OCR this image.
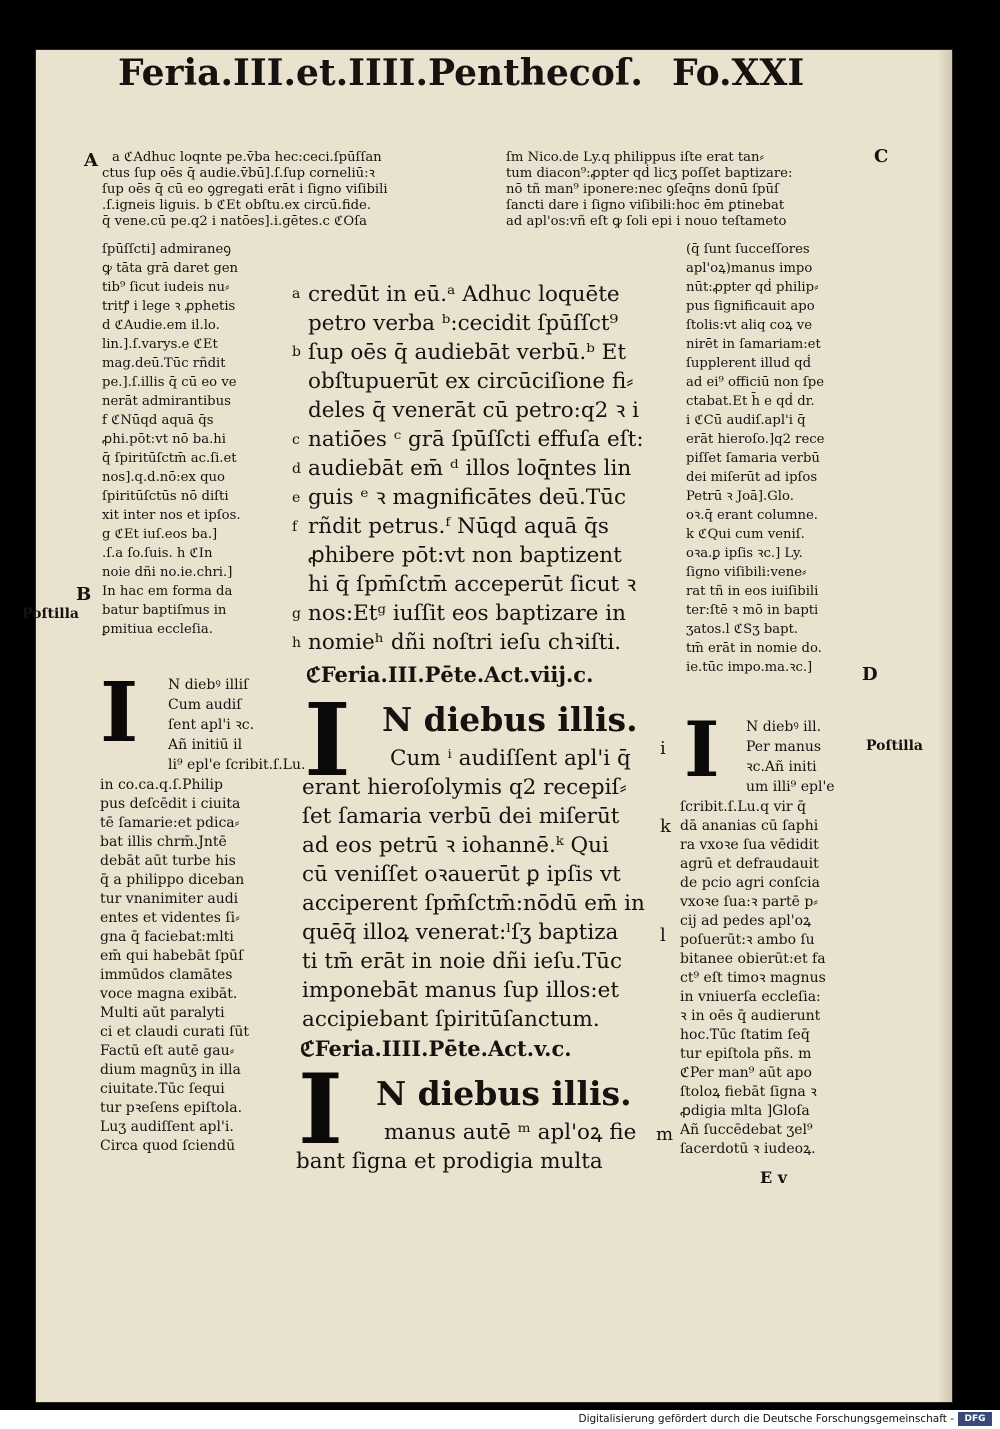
Feria.III.et.IIII.Penthecoſ. Fo.XXI
A	C
B
Poſtilla
D
Poſtilla
i
k
l
m
a ℭAdhuc loqnte pe.v̄ba hec:ceci.ſpūſſan
ctus ſup oēs q̄ audie.v̄bū].ſ.ſup corneliū:ꝛ
ſup oēs q̄ cū eo ꝯgregati erāt i ſigno viſibili
.ſ.igneis liguis. b ℭEt obſtu.ex circū.fide.
q̄ vene.cū pe.q2 i natōes].i.gētes.c ℭOſa
ſm Nico.de Ly.q philippus iſte erat tan⸗
tum diacon⁹:ꝓpter qḋ licʒ poſſet baptizare:
nō tñ man⁹ iponere:nec ꝯſeq̄ns donū ſpūſ
ſancti dare i ſigno viſibili:hoc ēm ꝑtinebat
ad apl'os:vñ eſt ꝙ ſoli epi i nouo teſtameto
ſpūſſcti] admiraneꝯ
ꝙ tāta grā daret gen
tib⁹ ſicut iudeis nu⸗
tritꝭ i lege ꝛ ꝓphetis
d ℭAudie.em il.lo.
lin.].ſ.varys.e ℭEt
mag.deū.Tūc rñdit
pe.].ſ.illis q̄ cū eo ve
nerāt admirantibus
f ℭNūqd aquā q̄s
ꝓhi.pōt:vt nō ba.hi
q̄ ſpiritūſctm̄ ac.ſi.et
nos].q.d.nō:ex quo
ſpiritūſctūs nō diſti
xit inter nos et ipſos.
g ℭEt iuſ.eos ba.]
.ſ.a ſo.ſuis. h ℭIn
noie dñi no.ie.chri.]
In hac em forma da
batur baptiſmus in
ꝑmitiua eccleſia.
I N diebꝰ illiſ
Cum audiſ
ſent apl'i ꝛc.
Añ initiū il
li⁹ epl'e ſcribit.ſ.Lu.
in co.ca.q.ſ.Philip
pus deſcēdit i ciuita
tē ſamarie:et pdica⸗
bat illis chrm̄.Jntē
debāt aūt turbe his
q̄ a philippo diceban
tur vnanimiter audi
entes et videntes ſi⸗
gna q̄ faciebat:mlti
em̄ qui habebāt ſpūſ
immūdos clamātes
voce magna exibāt.
Multi aūt paralyti
ci et claudi curati ſūt
Factū eſt autē gau⸗
dium magnūʒ in illa
ciuitate.Tūc ſequi
tur pꝛeſens epiſtola.
Luʒ audiſſent apl'i.
Circa quod ſciendū
a
b
c
d
e
f
g
h
credūt in eū.ᵃ Adhuc loquēte
petro verba ᵇ:cecidit ſpūſſct⁹
ſup oēs q̄ audiebāt verbū.ᵇ Et
obſtupuerūt ex circūciſione fi⸗
deles q̄ venerāt cū petro:q2 ꝛ i
natiōes ᶜ grā ſpūſſcti effuſa eſt:
audiebāt em̄ ᵈ illos loq̄ntes lin
guis ᵉ ꝛ magnificātes deū.Tūc
rñdit petrus.ᶠ Nūqd aquā q̄s
ꝓhibere pōt:vt non baptizent
hi q̄ ſpm̄ſctm̄ acceperūt ſicut ꝛ
nos:Etᵍ iuſſit eos baptizare in
nomieʰ dñi noſtri ieſu chꝛiſti.
ℭFeria.III.Pēte.Act.viij.c.
I N diebus illis.
Cum ⁱ audiſſent apl'i q̄
erant hieroſolymis q2 recepiſ⸗
ſet ſamaria verbū dei miſerūt
ad eos petrū ꝛ iohannē.ᵏ Qui
cū veniſſet oꝛauerūt ꝑ ipſis vt
acciperent ſpm̄ſctm̄:nōdū em̄ in
quēq̄ illoꝝ venerat:ˡſʒ baptiza
ti tm̄ erāt in noie dñi ieſu.Tūc
imponebāt manus ſup illos:et
accipiebant ſpiritūſanctum.
ℭFeria.IIII.Pēte.Act.v.c.
I N diebus illis.
manus autē ᵐ apl'oꝝ fie
bant ſigna et prodigia multa
(q̄ ſunt ſucceſſores
apl'oꝝ)manus impo
nūt:ꝓpter qḋ philip⸗
pus ſignificauit apo
ſtolis:vt aliq coꝝ ve
nirēt in ſamariam:et
ſupplerent illud qḋ
ad ei⁹ officiū non ſpe
ctabat.Et h̄ e qḋ dr.
i ℭCū audiſ.apl'i q̄
erāt hieroſo.]q2 rece
piſſet ſamaria verbū
dei miſerūt ad ipſos
Petrū ꝛ Joā].Glo.
oꝛ.q̄ erant columne.
k ℭQui cum veniſ.
oꝛa.ꝑ ipſis ꝛc.] Ly.
ſigno viſibili:vene⸗
rat tñ in eos iuiſibili
ter:ſtē ꝛ mō in bapti
ʒatos.l ℭSʒ bapt.
tm̄ erāt in nomie do.
ie.tūc impo.ma.ꝛc.]
I N diebꝰ ill.
Per manus
ꝛc.Añ initi
um illi⁹ epl'e
ſcribit.ſ.Lu.q vir q̄
dā ananias cū ſaphi
ra vxoꝛe ſua vēdidit
agrū et defraudauit
de pcio agri conſcia
vxoꝛe ſua:ꝛ partē p⸗
cij ad pedes apl'oꝝ
poſuerūt:ꝛ ambo ſu
bitanee obierūt:et fa
ct⁹ eſt timoꝛ magnus
in vniuerſa eccleſia:
ꝛ in oēs q̄ audierunt
hoc.Tūc ſtatim ſeq̄
tur epiſtola pñs. m
ℭPer man⁹ aūt apo
ſtoloꝝ fiebāt ſigna ꝛ
ꝓdigia mlta ]Gloſa
Añ ſuccēdebat ʒel⁹
ſacerdotū ꝛ iudeoꝝ.
E v
Digitalisierung gefördert durch die Deutsche Forschungsgemeinschaft -	DFG
